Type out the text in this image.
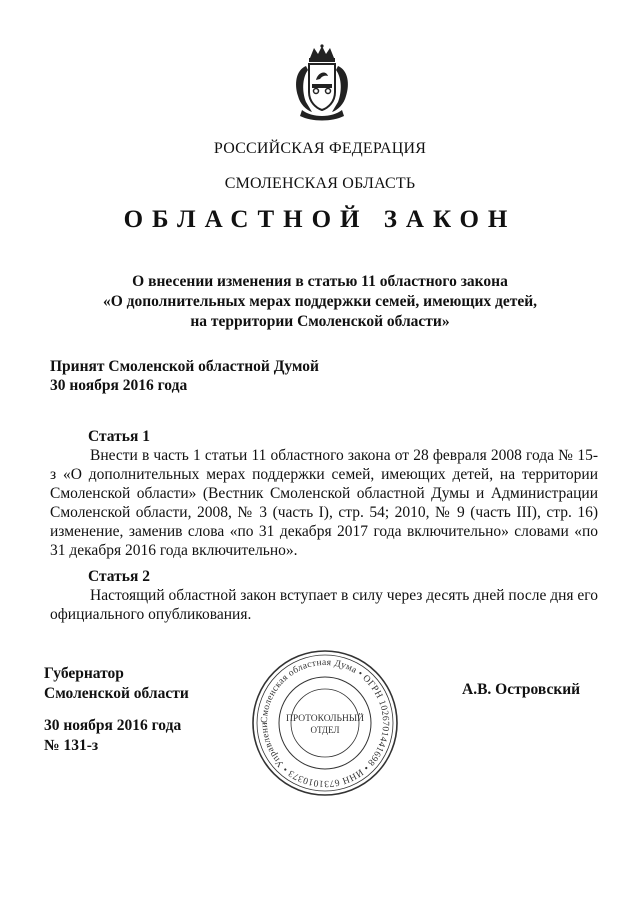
РОССИЙСКАЯ ФЕДЕРАЦИЯ
СМОЛЕНСКАЯ ОБЛАСТЬ
ОБЛАСТНОЙ ЗАКОН
О внесении изменения в статью 11 областного закона
«О дополнительных мерах поддержки семей, имеющих детей,
на территории Смоленской области»
Принят Смоленской областной Думой
30 ноября 2016 года
Статья 1

Внести в часть 1 статьи 11 областного закона от 28 февраля 2008 года № 15-з «О дополнительных мерах поддержки семей, имеющих детей, на территории Смоленской области» (Вестник Смоленской областной Думы и Администрации Смоленской области, 2008, № 3 (часть I), стр. 54; 2010, № 9 (часть III), стр. 16) изменение, заменив слова «по 31 декабря 2017 года включительно» словами «по 31 декабря 2016 года включительно».

Статья 2

Настоящий областной закон вступает в силу через десять дней после дня его официального опубликования.

Губернатор
Смоленской области	А.В. Островский
30 ноября 2016 года
№ 131-з
Смоленская областная Дума • ОГРН 1026701441698 • ИНН 6731010373 • Управлени
ПРОТОКОЛЬНЫЙ
ОТДЕЛ
